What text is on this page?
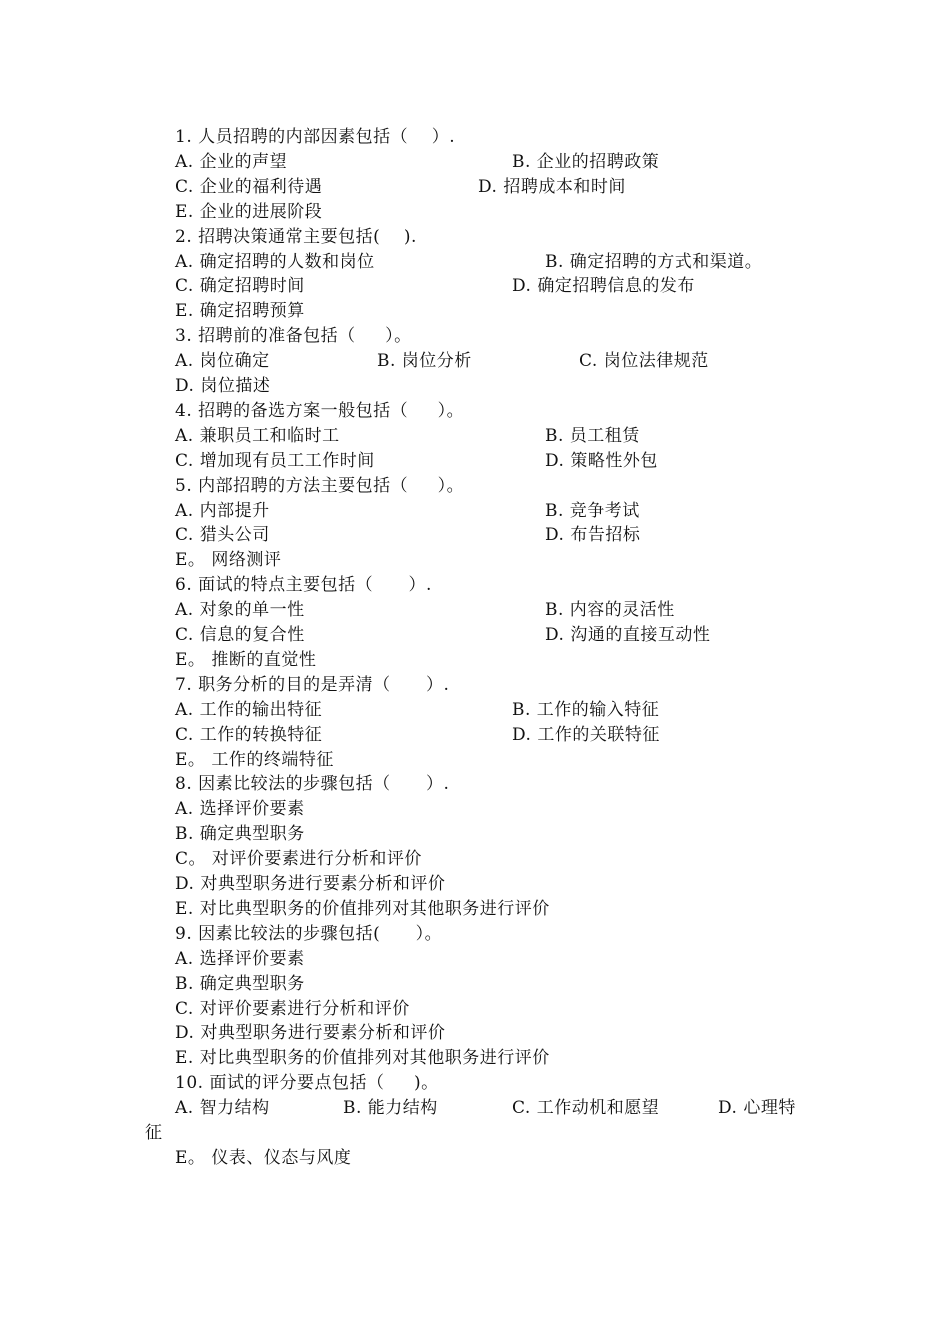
1. 人员招聘的内部因素包括（    ）.
A. 企业的声望	B. 企业的招聘政策
C. 企业的福利待遇	D. 招聘成本和时间
E. 企业的进展阶段
2. 招聘决策通常主要包括(    ).
A. 确定招聘的人数和岗位	B. 确定招聘的方式和渠道。
C. 确定招聘时间	D. 确定招聘信息的发布
E. 确定招聘预算
3. 招聘前的准备包括（     ）。
A. 岗位确定	B. 岗位分析	C. 岗位法律规范
D. 岗位描述
4. 招聘的备选方案一般包括（     ）。
A. 兼职员工和临时工	B. 员工租赁
C. 增加现有员工工作时间	D. 策略性外包
5. 内部招聘的方法主要包括（     ）。
A. 内部提升	B. 竞争考试
C. 猎头公司	D. 布告招标
E。 网络测评
6. 面试的特点主要包括（      ）.
A. 对象的单一性	B. 内容的灵活性
C. 信息的复合性	D. 沟通的直接互动性
E。 推断的直觉性
7. 职务分析的目的是弄清（      ）.
A. 工作的输出特征	B. 工作的输入特征
C. 工作的转换特征	D. 工作的关联特征
E。 工作的终端特征
8. 因素比较法的步骤包括（      ）.
A. 选择评价要素
B. 确定典型职务
C。 对评价要素进行分析和评价
D. 对典型职务进行要素分析和评价
E. 对比典型职务的价值排列对其他职务进行评价
9. 因素比较法的步骤包括(      ）。
A. 选择评价要素
B. 确定典型职务
C. 对评价要素进行分析和评价
D. 对典型职务进行要素分析和评价
E. 对比典型职务的价值排列对其他职务进行评价
10. 面试的评分要点包括（     )。
A. 智力结构	B. 能力结构	C. 工作动机和愿望	D. 心理特
征
E。 仪表、仪态与风度
